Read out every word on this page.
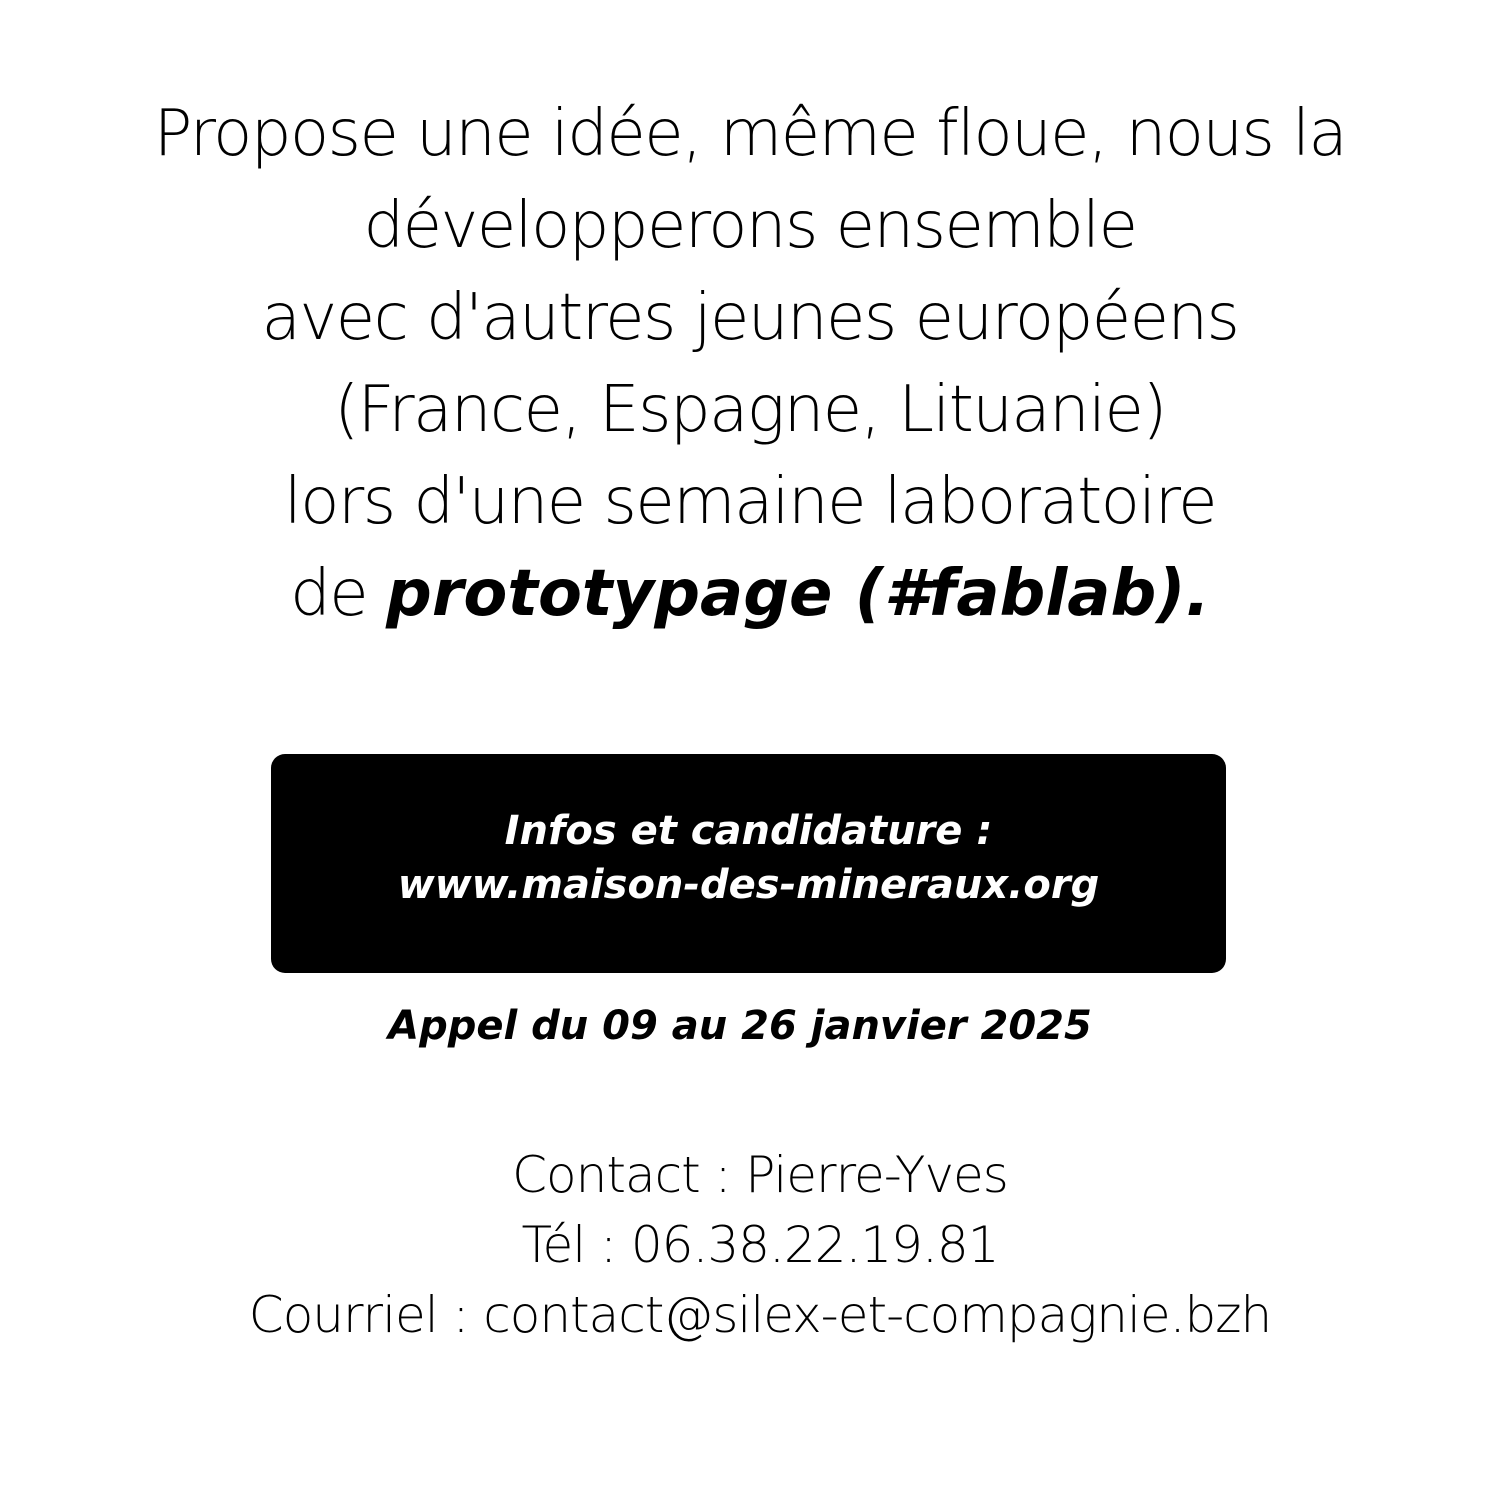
Propose une idée, même floue, nous la
développerons ensemble
avec d'autres jeunes européens
(France, Espagne, Lituanie)
lors d'une semaine laboratoire
de prototypage (#fablab).
Infos et candidature :
www.maison-des-mineraux.org
Appel du 09 au 26 janvier 2025
Contact : Pierre-Yves
Tél : 06.38.22.19.81
Courriel : contact@silex-et-compagnie.bzh
